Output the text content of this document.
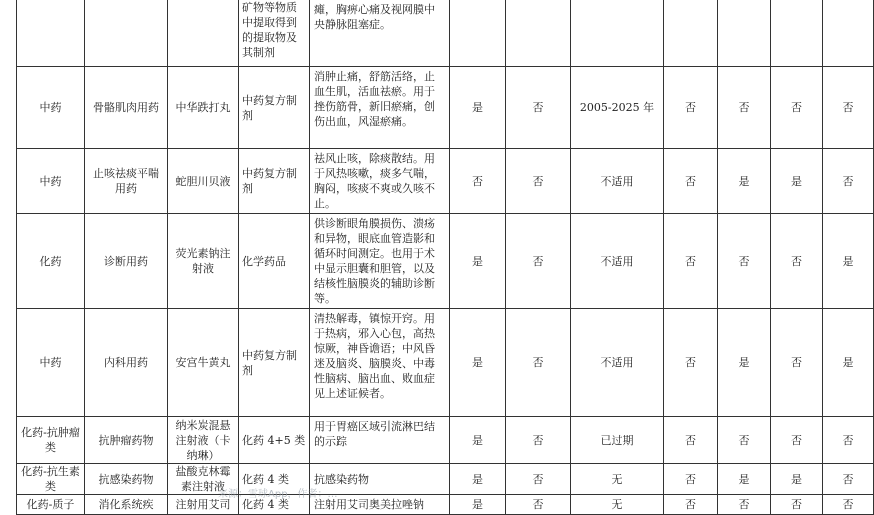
			矿物等物质中提取得到的提取物及其制剂	瘫，胸痹心痛及视网膜中央静脉阻塞症。							
中药	骨骼肌肉用药	中华跌打丸	中药复方制剂	消肿止痛，舒筋活络，止血生肌，活血祛瘀。用于挫伤筋骨，新旧瘀痛，创伤出血，风湿瘀痛。	是	否	2005-2025 年	否	否	否	否
中药	止咳祛痰平喘用药	蛇胆川贝液	中药复方制剂	祛风止咳，除痰散结。用于风热咳嗽，痰多气喘，胸闷，咳痰不爽或久咳不止。	否	否	不适用	否	是	是	否
化药	诊断用药	荧光素钠注射液	化学药品	供诊断眼角膜损伤、溃疡和异物，眼底血管造影和循环时间测定。也用于术中显示胆囊和胆管，以及结核性脑膜炎的辅助诊断等。	是	否	不适用	否	否	否	是
中药	内科用药	安宫牛黄丸	中药复方制剂	清热解毒，镇惊开窍。用于热病，邪入心包，高热惊厥，神昏谵语；中风昏迷及脑炎、脑膜炎、中毒性脑病、脑出血、败血症见上述证候者。	是	否	不适用	否	是	否	是
化药-抗肿瘤类	抗肿瘤药物	纳米炭混悬注射液（卡纳琳）	化药 4+5 类	用于胃癌区域引流淋巴结的示踪	是	否	已过期	否	否	否	否
化药-抗生素类	抗感染药物	盐酸克林霉素注射液	化药 4 类	抗感染药物	是	否	无	否	是	是	否
化药-质子	消化系统疾	注射用艾司	化药 4 类	注射用艾司奥美拉唑钠	是	否	无	否	否	否	否
来源：雪球App，作者：…
